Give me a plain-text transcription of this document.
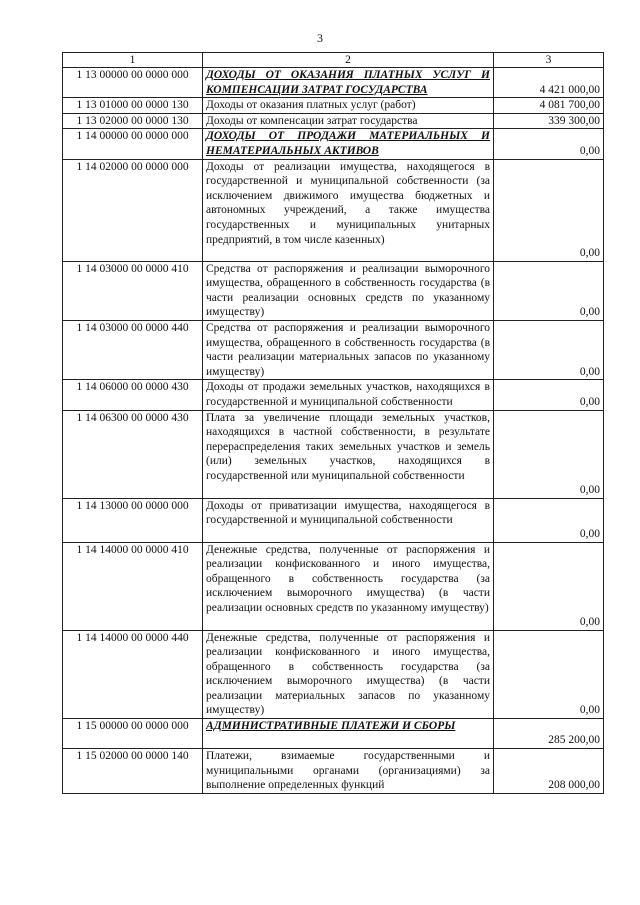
3
1	2	3
1 13 00000 00 0000 000	ДОХОДЫ ОТ ОКАЗАНИЯ ПЛАТНЫХ УСЛУГ И КОМПЕНСАЦИИ ЗАТРАТ ГОСУДАРСТВА	4 421 000,00
1 13 01000 00 0000 130	Доходы от оказания платных услуг (работ)	4 081 700,00
1 13 02000 00 0000 130	Доходы от компенсации затрат государства	339 300,00
1 14 00000 00 0000 000	ДОХОДЫ ОТ ПРОДАЖИ МАТЕРИАЛЬНЫХ И НЕМАТЕРИАЛЬНЫХ АКТИВОВ	0,00
1 14 02000 00 0000 000	Доходы от реализации имущества, находящегося в государственной и муниципальной собственности (за исключением движимого имущества бюджетных и автономных учреждений, а также имущества государственных и муниципальных унитарных предприятий, в том числе казенных)	0,00
1 14 03000 00 0000 410	Средства от распоряжения и реализации выморочного имущества, обращенного в собственность государства (в части реализации основных средств по указанному имуществу)	0,00
1 14 03000 00 0000 440	Средства от распоряжения и реализации выморочного имущества, обращенного в собственность государства (в части реализации материальных запасов по указанному имуществу)	0,00
1 14 06000 00 0000 430	Доходы от продажи земельных участков, находящихся в государственной и муниципальной собственности	0,00
1 14 06300 00 0000 430	Плата за увеличение площади земельных участков, находящихся в частной собственности, в результате перераспределения таких земельных участков и земель (или) земельных участков, находящихся в государственной или муниципальной собственности	0,00
1 14 13000 00 0000 000	Доходы от приватизации имущества, находящегося в государственной и муниципальной собственности	0,00
1 14 14000 00 0000 410	Денежные средства, полученные от распоряжения и реализации конфискованного и иного имущества, обращенного в собственность государства (за исключением выморочного имущества) (в части реализации основных средств по указанному имуществу)	0,00
1 14 14000 00 0000 440	Денежные средства, полученные от распоряжения и реализации конфискованного и иного имущества, обращенного в собственность государства (за исключением выморочного имущества) (в части реализации материальных запасов по указанному имуществу)	0,00
1 15 00000 00 0000 000	АДМИНИСТРАТИВНЫЕ ПЛАТЕЖИ И СБОРЫ	285 200,00
1 15 02000 00 0000 140	Платежи, взимаемые государственными и муниципальными органами (организациями) за выполнение определенных функций	208 000,00
